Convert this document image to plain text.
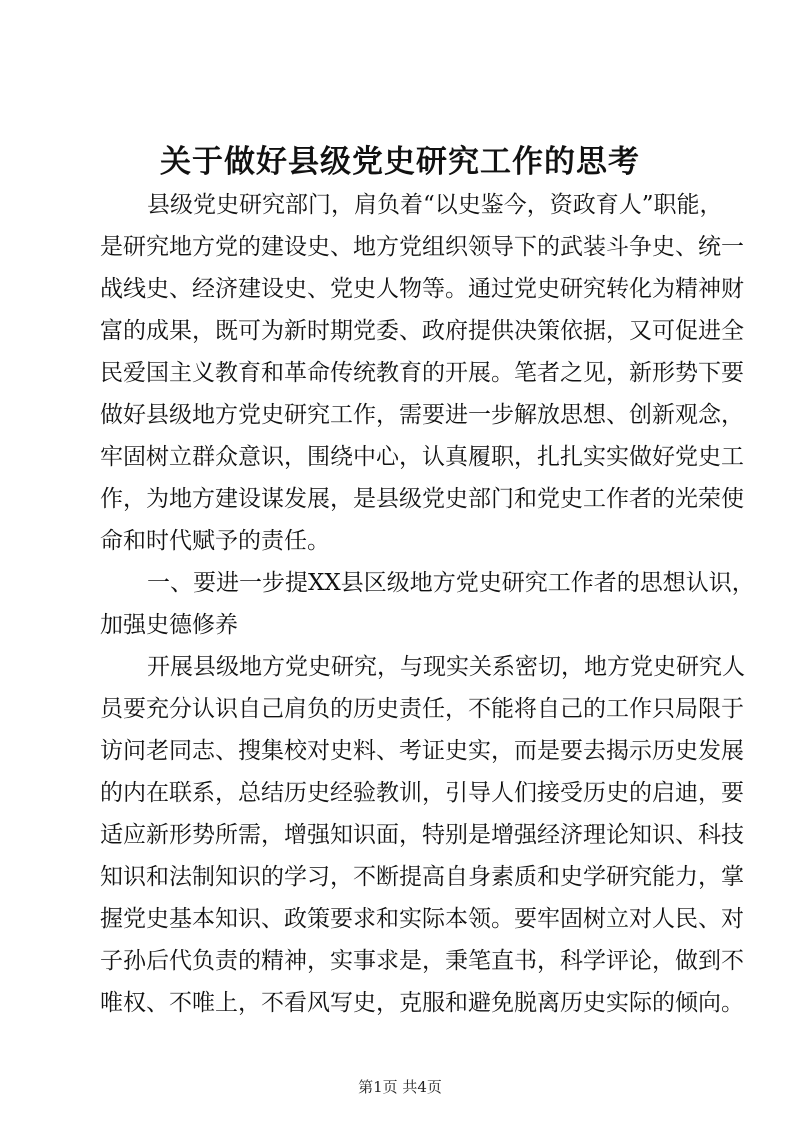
关于做好县级党史研究工作的思考

县级党史研究部门，肩负着“以史鉴今，资政育人”职能，

是研究地方党的建设史、地方党组织领导下的武装斗争史、统一

战线史、经济建设史、党史人物等。通过党史研究转化为精神财

富的成果，既可为新时期党委、政府提供决策依据，又可促进全

民爱国主义教育和革命传统教育的开展。笔者之见，新形势下要

做好县级地方党史研究工作，需要进一步解放思想、创新观念，

牢固树立群众意识，围绕中心，认真履职，扎扎实实做好党史工

作，为地方建设谋发展，是县级党史部门和党史工作者的光荣使

命和时代赋予的责任。

一、要进一步提XX县区级地方党史研究工作者的思想认识，

加强史德修养

开展县级地方党史研究，与现实关系密切，地方党史研究人

员要充分认识自己肩负的历史责任，不能将自己的工作只局限于

访问老同志、搜集校对史料、考证史实，而是要去揭示历史发展

的内在联系，总结历史经验教训，引导人们接受历史的启迪，要

适应新形势所需，增强知识面，特别是增强经济理论知识、科技

知识和法制知识的学习，不断提高自身素质和史学研究能力，掌

握党史基本知识、政策要求和实际本领。要牢固树立对人民、对

子孙后代负责的精神，实事求是，秉笔直书，科学评论，做到不

唯权、不唯上，不看风写史，克服和避免脱离历史实际的倾向。

第1页 共4页
